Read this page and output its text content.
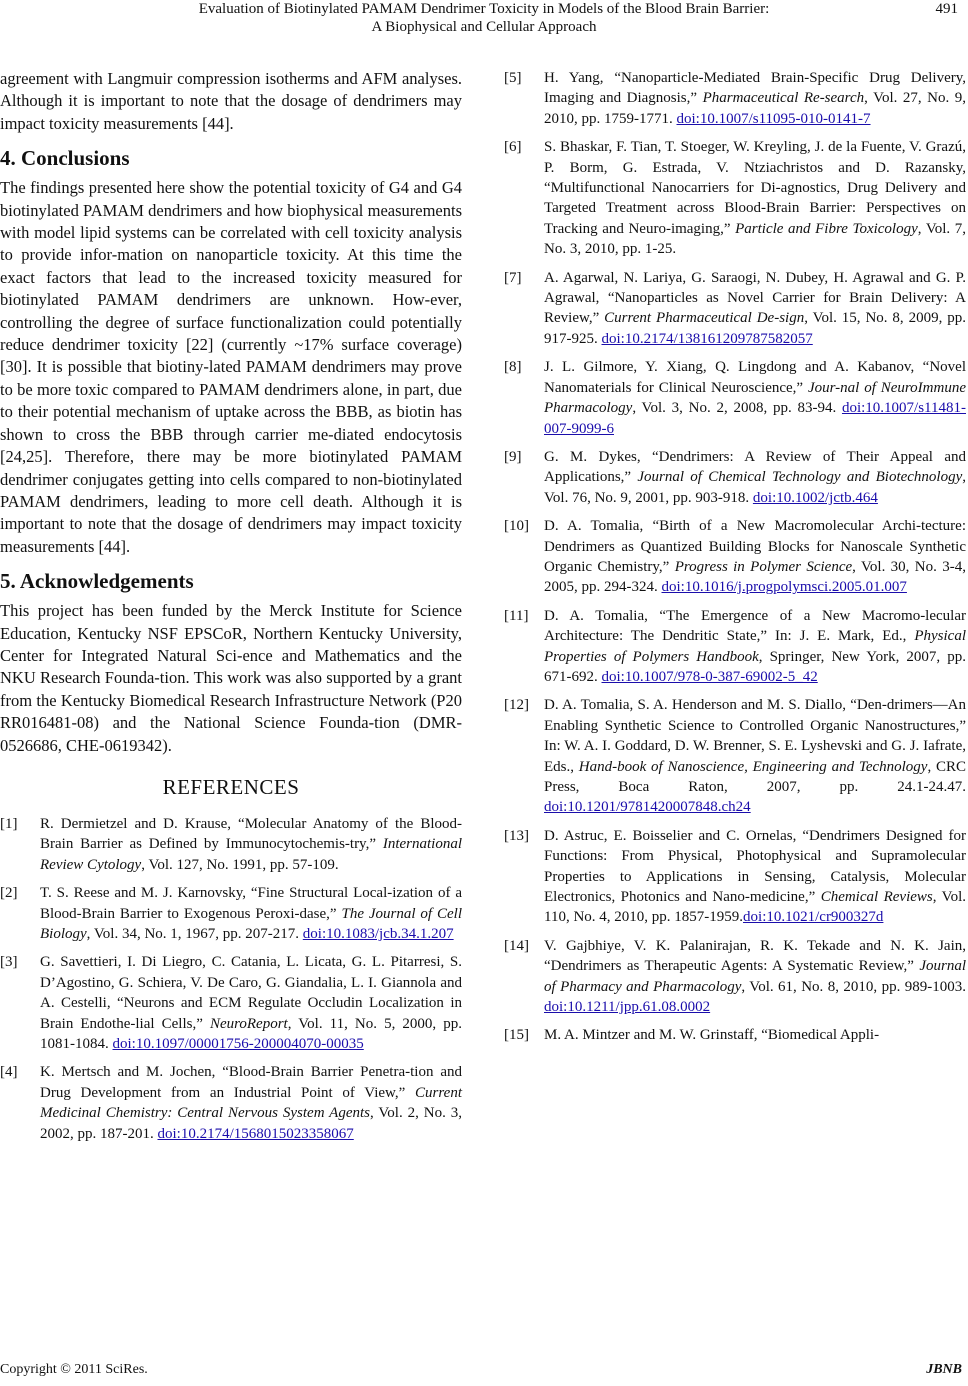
Evaluation of Biotinylated PAMAM Dendrimer Toxicity in Models of the Blood Brain Barrier:
A Biophysical and Cellular Approach
491

agreement with Langmuir compression isotherms and AFM analyses. Although it is important to note that the dosage of dendrimers may impact toxicity measurements [44].

4. Conclusions

The findings presented here show the potential toxicity of G4 and G4 biotinylated PAMAM dendrimers and how biophysical measurements with model lipid systems can be correlated with cell toxicity analysis to provide infor-mation on nanoparticle toxicity. At this time the exact factors that lead to the increased toxicity measured for biotinylated PAMAM dendrimers are unknown. How-ever, controlling the degree of surface functionalization could potentially reduce dendrimer toxicity [22] (currently ~17% surface coverage) [30]. It is possible that biotiny-lated PAMAM dendrimers may prove to be more toxic compared to PAMAM dendrimers alone, in part, due to their potential mechanism of uptake across the BBB, as biotin has shown to cross the BBB through carrier me-diated endocytosis [24,25]. Therefore, there may be more biotinylated PAMAM dendrimer conjugates getting into cells compared to non-biotinylated PAMAM dendrimers, leading to more cell death. Although it is important to note that the dosage of dendrimers may impact toxicity measurements [44].

5. Acknowledgements

This project has been funded by the Merck Institute for Science Education, Kentucky NSF EPSCoR, Northern Kentucky University, Center for Integrated Natural Sci-ence and Mathematics and the NKU Research Founda-tion. This work was also supported by a grant from the Kentucky Biomedical Research Infrastructure Network (P20 RR016481-08) and the National Science Founda-tion (DMR-0526686, CHE-0619342).

REFERENCES
[1] R. Dermietzel and D. Krause, “Molecular Anatomy of the Blood-Brain Barrier as Defined by Immunocytochemis-try,” International Review Cytology, Vol. 127, No. 1991, pp. 57-109.
[2] T. S. Reese and M. J. Karnovsky, “Fine Structural Local-ization of a Blood-Brain Barrier to Exogenous Peroxi-dase,” The Journal of Cell Biology, Vol. 34, No. 1, 1967, pp. 207-217. doi:10.1083/jcb.34.1.207
[3] G. Savettieri, I. Di Liegro, C. Catania, L. Licata, G. L. Pitarresi, S. D’Agostino, G. Schiera, V. De Caro, G. Giandalia, L. I. Giannola and A. Cestelli, “Neurons and ECM Regulate Occludin Localization in Brain Endothe-lial Cells,” NeuroReport, Vol. 11, No. 5, 2000, pp. 1081-1084. doi:10.1097/00001756-200004070-00035
[4] K. Mertsch and M. Jochen, “Blood-Brain Barrier Penetra-tion and Drug Development from an Industrial Point of View,” Current Medicinal Chemistry: Central Nervous System Agents, Vol. 2, No. 3, 2002, pp. 187-201. doi:10.2174/1568015023358067
[5] H. Yang, “Nanoparticle-Mediated Brain-Specific Drug Delivery, Imaging and Diagnosis,” Pharmaceutical Re-search, Vol. 27, No. 9, 2010, pp. 1759-1771. doi:10.1007/s11095-010-0141-7
[6] S. Bhaskar, F. Tian, T. Stoeger, W. Kreyling, J. de la Fuente, V. Grazú, P. Borm, G. Estrada, V. Ntziachristos and D. Razansky, “Multifunctional Nanocarriers for Di-agnostics, Drug Delivery and Targeted Treatment across Blood-Brain Barrier: Perspectives on Tracking and Neuro-imaging,” Particle and Fibre Toxicology, Vol. 7, No. 3, 2010, pp. 1-25.
[7] A. Agarwal, N. Lariya, G. Saraogi, N. Dubey, H. Agrawal and G. P. Agrawal, “Nanoparticles as Novel Carrier for Brain Delivery: A Review,” Current Pharmaceutical De-sign, Vol. 15, No. 8, 2009, pp. 917-925. doi:10.2174/138161209787582057
[8] J. L. Gilmore, Y. Xiang, Q. Lingdong and A. Kabanov, “Novel Nanomaterials for Clinical Neuroscience,” Jour-nal of NeuroImmune Pharmacology, Vol. 3, No. 2, 2008, pp. 83-94. doi:10.1007/s11481-007-9099-6
[9] G. M. Dykes, “Dendrimers: A Review of Their Appeal and Applications,” Journal of Chemical Technology and Biotechnology, Vol. 76, No. 9, 2001, pp. 903-918. doi:10.1002/jctb.464
[10] D. A. Tomalia, “Birth of a New Macromolecular Archi-tecture: Dendrimers as Quantized Building Blocks for Nanoscale Synthetic Organic Chemistry,” Progress in Polymer Science, Vol. 30, No. 3-4, 2005, pp. 294-324. doi:10.1016/j.progpolymsci.2005.01.007
[11] D. A. Tomalia, “The Emergence of a New Macromo-lecular Architecture: The Dendritic State,” In: J. E. Mark, Ed., Physical Properties of Polymers Handbook, Springer, New York, 2007, pp. 671-692. doi:10.1007/978-0-387-69002-5_42
[12] D. A. Tomalia, S. A. Henderson and M. S. Diallo, “Den-drimers—An Enabling Synthetic Science to Controlled Organic Nanostructures,” In: W. A. I. Goddard, D. W. Brenner, S. E. Lyshevski and G. J. Iafrate, Eds., Hand-book of Nanoscience, Engineering and Technology, CRC Press, Boca Raton, 2007, pp. 24.1-24.47. doi:10.1201/9781420007848.ch24
[13] D. Astruc, E. Boisselier and C. Ornelas, “Dendrimers Designed for Functions: From Physical, Photophysical and Supramolecular Properties to Applications in Sensing, Catalysis, Molecular Electronics, Photonics and Nano-medicine,” Chemical Reviews, Vol. 110, No. 4, 2010, pp. 1857-1959.doi:10.1021/cr900327d
[14] V. Gajbhiye, V. K. Palanirajan, R. K. Tekade and N. K. Jain, “Dendrimers as Therapeutic Agents: A Systematic Review,” Journal of Pharmacy and Pharmacology, Vol. 61, No. 8, 2010, pp. 989-1003. doi:10.1211/jpp.61.08.0002
[15] M. A. Mintzer and M. W. Grinstaff, “Biomedical Appli-
Copyright © 2011 SciRes.	JBNB
